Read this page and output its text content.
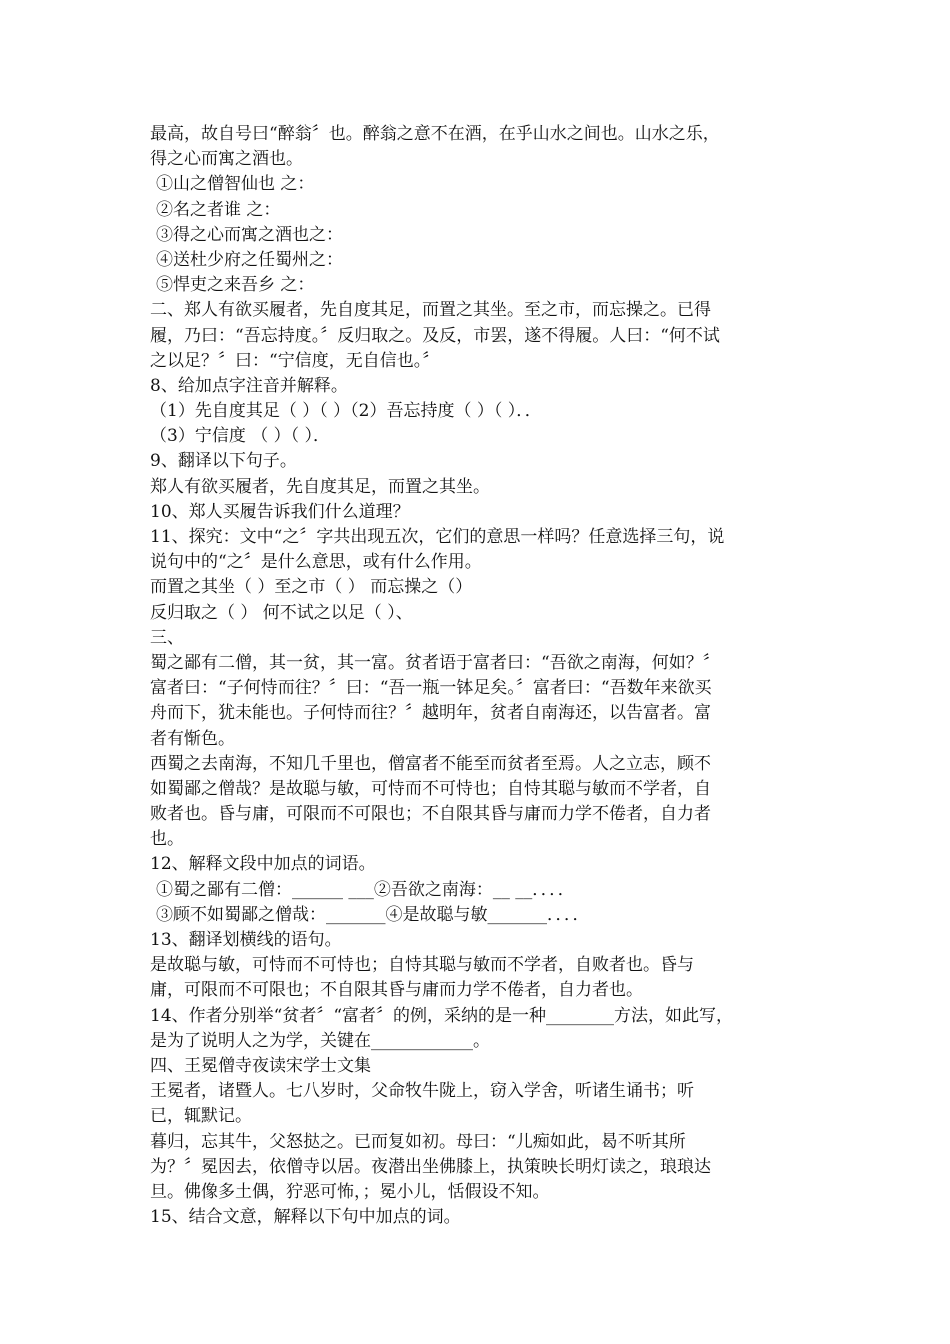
最高，故自号曰“醉翁〞也。醉翁之意不在酒，在乎山水之间也。山水之乐，
得之心而寓之酒也。
①山之僧智仙也 之：
②名之者谁 之：
③得之心而寓之酒也之：
④送杜少府之任蜀州之：
⑤悍吏之来吾乡 之：
二、郑人有欲买履者，先自度其足，而置之其坐。至之市，而忘操之。已得
履，乃曰：“吾忘持度。〞反归取之。及反，市罢，遂不得履。人曰：“何不试
之以足？〞曰：“宁信度，无自信也。〞
8、给加点字注音并解释。
（1）先自度其足（ ）（ ）（2）吾忘持度（ ）（ ）．．
（3）宁信度 （ ）（ ）．
9、翻译以下句子。
郑人有欲买履者，先自度其足，而置之其坐。
10、郑人买履告诉我们什么道理？
11、探究：文中“之〞字共出现五次，它们的意思一样吗？任意选择三句，说
说句中的“之〞是什么意思，或有什么作用。
而置之其坐（ ）至之市（ ） 而忘操之（）
反归取之（ ） 何不试之以足（ ）、
三、
蜀之鄙有二僧，其一贫，其一富。贫者语于富者曰：“吾欲之南海，何如？〞
富者曰：“子何恃而往？〞曰：“吾一瓶一钵足矣。〞富者曰：“吾数年来欲买
舟而下，犹未能也。子何恃而往？〞越明年，贫者自南海还，以告富者。富
者有惭色。
西蜀之去南海，不知几千里也，僧富者不能至而贫者至焉。人之立志，顾不
如蜀鄙之僧哉？是故聪与敏，可恃而不可恃也；自恃其聪与敏而不学者，自
败者也。昏与庸，可限而不可限也；不自限其昏与庸而力学不倦者，自力者
也。
12、解释文段中加点的词语。
①蜀之鄙有二僧：______ ___②吾欲之南海：__ __．．．．
③顾不如蜀鄙之僧哉：_______④是故聪与敏_______．．．．
13、翻译划横线的语句。
是故聪与敏，可恃而不可恃也；自恃其聪与敏而不学者，自败者也。昏与
庸，可限而不可限也；不自限其昏与庸而力学不倦者，自力者也。
14、作者分别举“贫者〞“富者〞的例，采纳的是一种________方法，如此写，
是为了说明人之为学，关键在____________。
四、王冕僧寺夜读宋学士文集
王冕者，诸暨人。七八岁时，父命牧牛陇上，窃入学舍，听诸生诵书；听
已，辄默记。
暮归，忘其牛，父怒挞之。已而复如初。母曰：“儿痴如此，曷不听其所
为？〞冕因去，依僧寺以居。夜潜出坐佛膝上，执策映长明灯读之，琅琅达
旦。佛像多土偶，狞恶可怖，；冕小儿，恬假设不知。
15、结合文意，解释以下句中加点的词。
